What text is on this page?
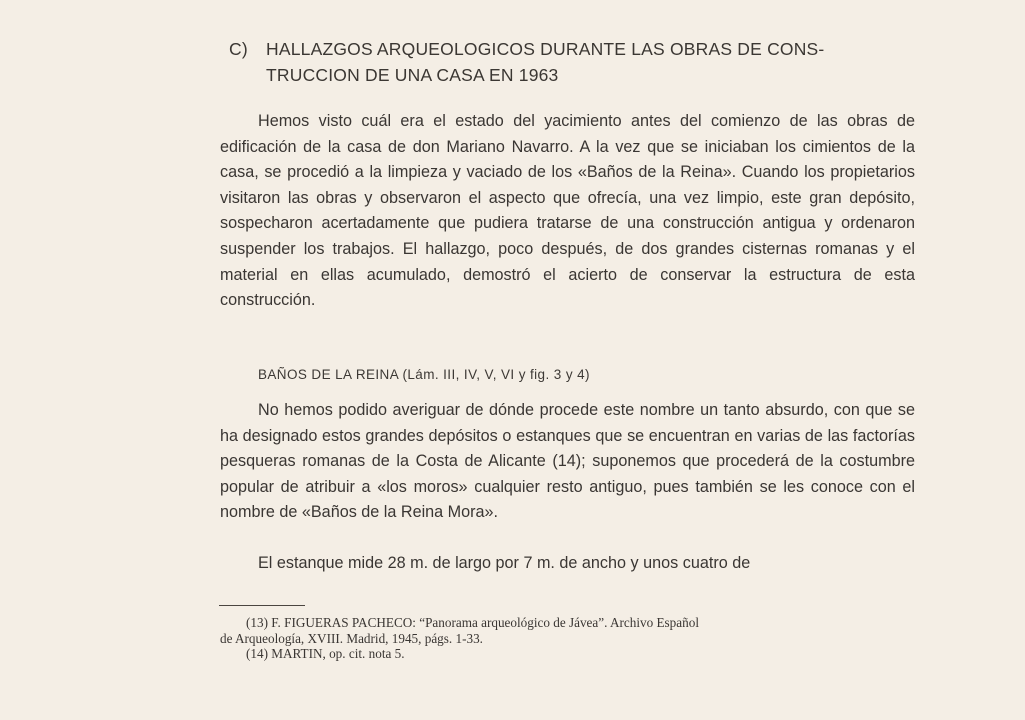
C) HALLAZGOS ARQUEOLOGICOS DURANTE LAS OBRAS DE CONS-
TRUCCION DE UNA CASA EN 1963

Hemos visto cuál era el estado del yacimiento antes del comienzo de las obras de edificación de la casa de don Mariano Navarro. A la vez que se iniciaban los cimientos de la casa, se procedió a la limpieza y vaciado de los «Baños de la Reina». Cuando los propietarios visitaron las obras y observaron el aspecto que ofrecía, una vez limpio, este gran depósito, sospecharon acertadamente que pudiera tratarse de una construcción antigua y ordenaron suspender los trabajos. El hallazgo, poco después, de dos grandes cisternas romanas y el material en ellas acumulado, demostró el acierto de conservar la estructura de esta construcción.

BAÑOS DE LA REINA (Lám. III, IV, V, VI y fig. 3 y 4)

No hemos podido averiguar de dónde procede este nombre un tanto absurdo, con que se ha designado estos grandes depósitos o estanques que se encuentran en varias de las factorías pesqueras romanas de la Costa de Alicante (14); suponemos que procederá de la costumbre popular de atribuir a «los moros» cualquier resto antiguo, pues también se les conoce con el nombre de «Baños de la Reina Mora».

El estanque mide 28 m. de largo por 7 m. de ancho y unos cuatro de

(13) F. FIGUERAS PACHECO: “Panorama arqueológico de Jávea”. Archivo Español
de Arqueología, XVIII. Madrid, 1945, págs. 1-33.
(14) MARTIN, op. cit. nota 5.
